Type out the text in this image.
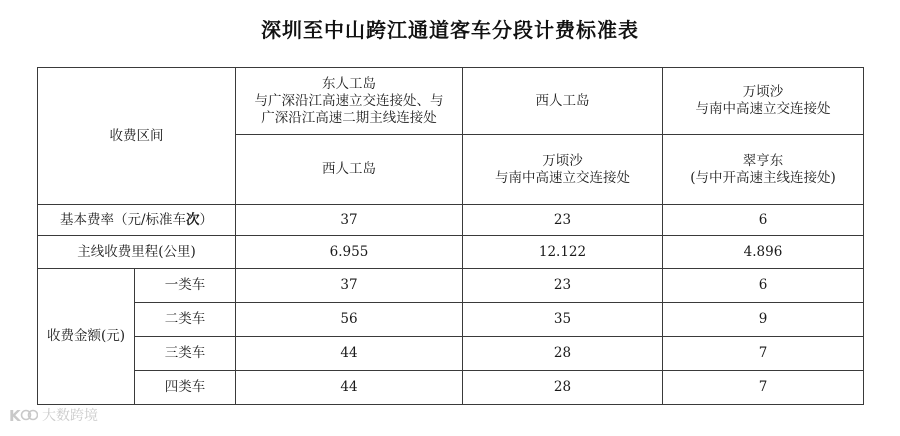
深圳至中山跨江通道客车分段计费标准表
收费区间		东人工岛
与广深沿江高速立交连接处、与
广深沿江高速二期主线连接处	西人工岛	万顷沙
与南中高速立交连接处

		西人工岛	万顷沙
与南中高速立交连接处	翠亨东
(与中开高速主线连接处)

基本费率（元/标准车次）		37	23	6
主线收费里程(公里)		6.955	12.122	4.896
收费金额(元)	一类车	37	23	6
	二类车	56	35	9
	三类车	44	28	7
	四类车	44	28	7
K 大数跨境
